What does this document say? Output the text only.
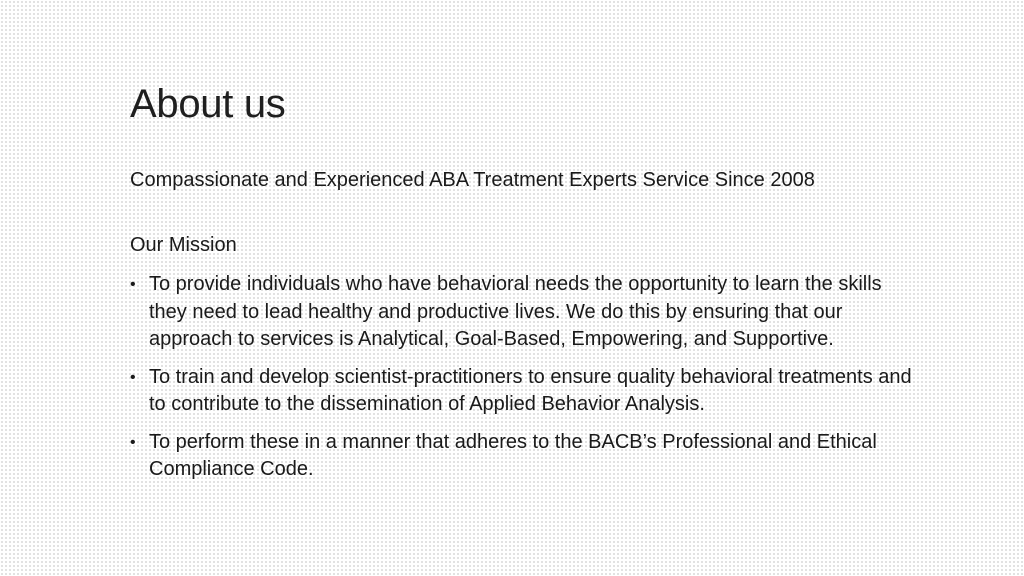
About us

Compassionate and Experienced ABA Treatment Experts Service Since 2008

Our Mission

• To provide individuals who have behavioral needs the opportunity to learn the skills they need to lead healthy and productive lives. We do this by ensuring that our approach to services is Analytical, Goal-Based, Empowering, and Supportive.
• To train and develop scientist-practitioners to ensure quality behavioral treatments and to contribute to the dissemination of Applied Behavior Analysis.
• To perform these in a manner that adheres to the BACB’s Professional and Ethical Compliance Code.
